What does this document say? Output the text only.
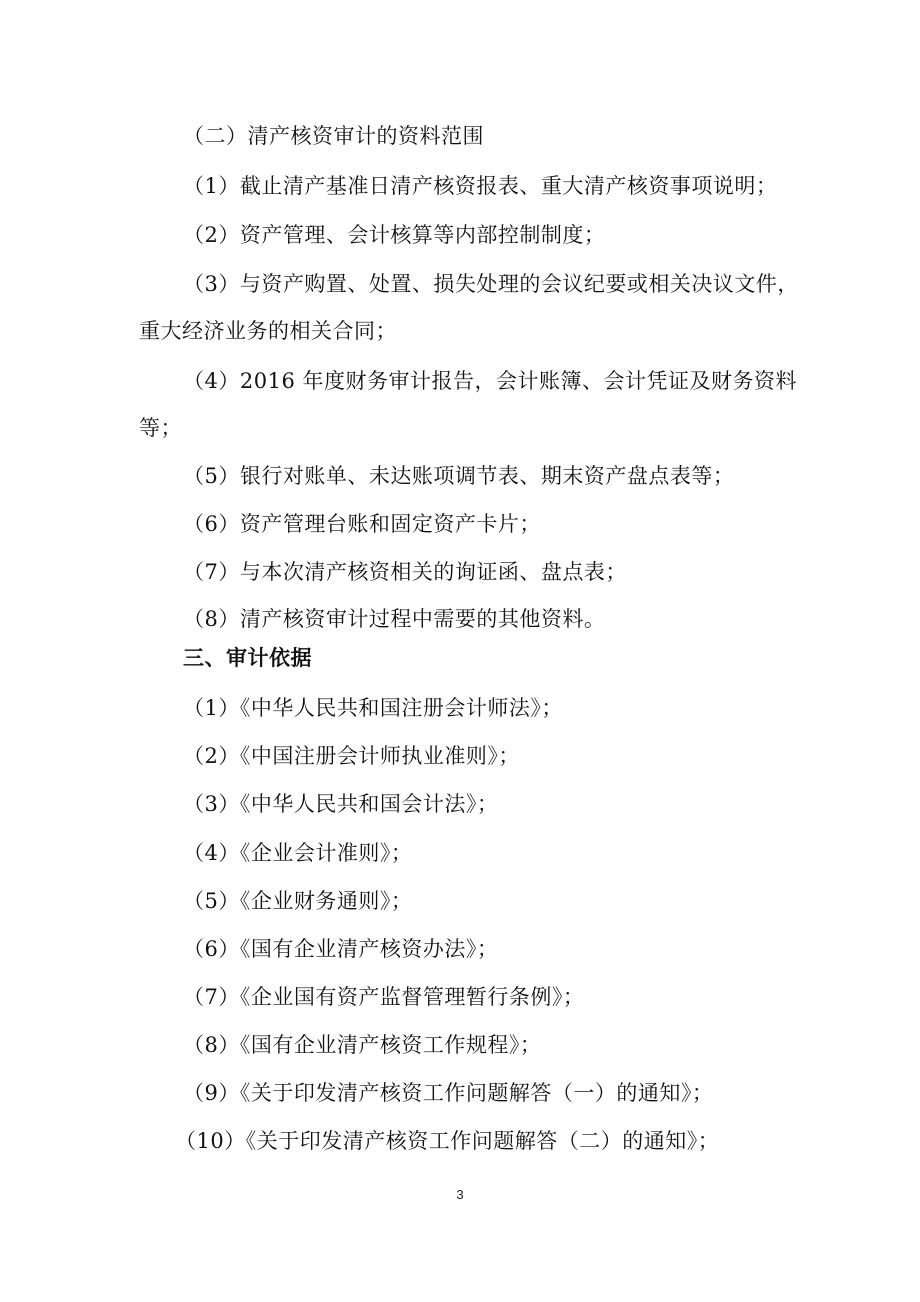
（二）清产核资审计的资料范围
（1）截止清产基准日清产核资报表、重大清产核资事项说明；
（2）资产管理、会计核算等内部控制制度；
（3）与资产购置、处置、损失处理的会议纪要或相关决议文件，
重大经济业务的相关合同；
（4）2016 年度财务审计报告，会计账簿、会计凭证及财务资料
等；
（5）银行对账单、未达账项调节表、期末资产盘点表等；
（6）资产管理台账和固定资产卡片；
（7）与本次清产核资相关的询证函、盘点表；
（8）清产核资审计过程中需要的其他资料。
三、审计依据
（1）《中华人民共和国注册会计师法》；
（2）《中国注册会计师执业准则》；
（3）《中华人民共和国会计法》；
（4）《企业会计准则》；
（5）《企业财务通则》；
（6）《国有企业清产核资办法》；
（7）《企业国有资产监督管理暂行条例》；
（8）《国有企业清产核资工作规程》；
（9）《关于印发清产核资工作问题解答（一）的通知》；
（10）《关于印发清产核资工作问题解答（二）的通知》；
3
